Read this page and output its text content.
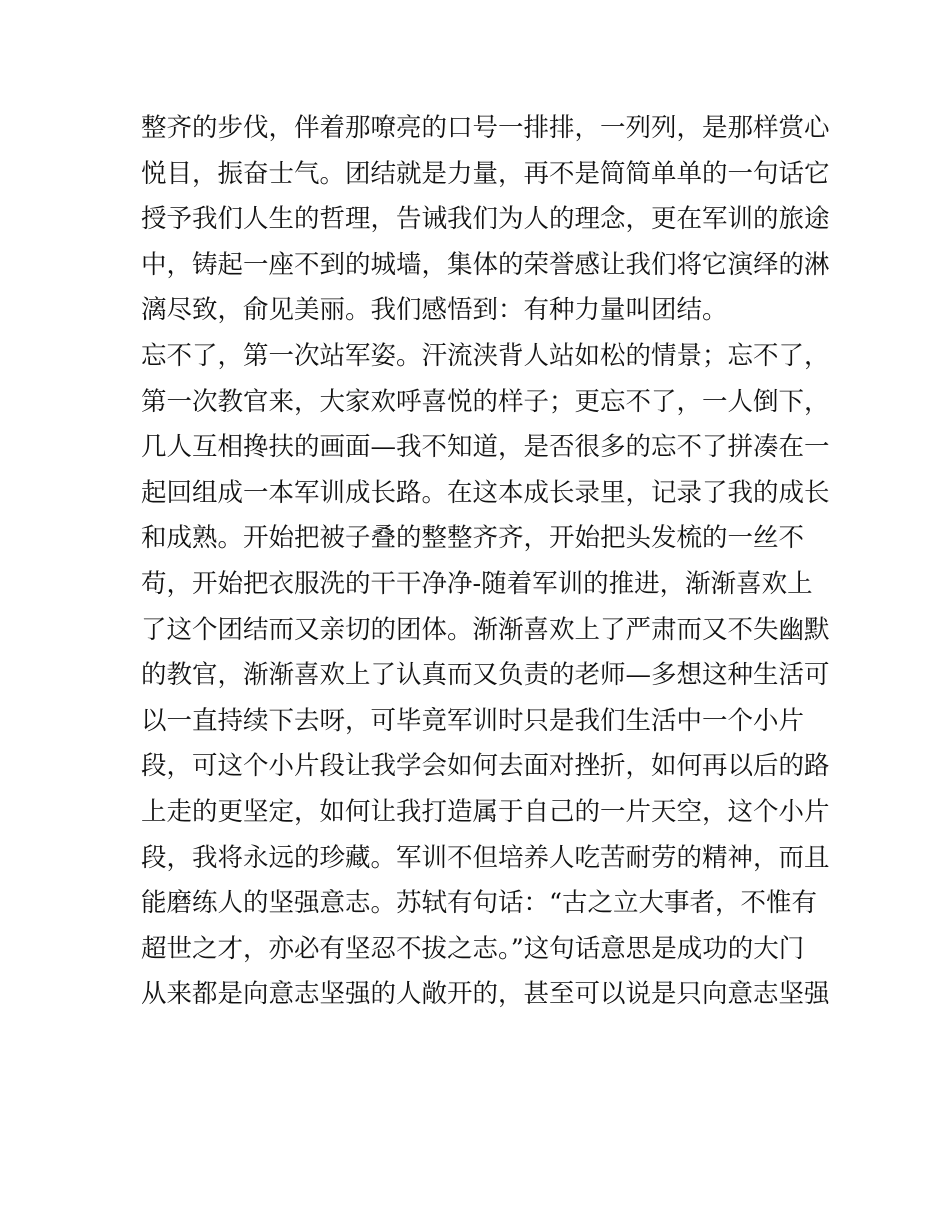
整齐的步伐，伴着那嘹亮的口号一排排，一列列，是那样赏心
悦目，振奋士气。团结就是力量，再不是简简单单的一句话它
授予我们人生的哲理，告诫我们为人的理念，更在军训的旅途
中，铸起一座不到的城墙，集体的荣誉感让我们将它演绎的淋
漓尽致，俞见美丽。我们感悟到：有种力量叫团结。
忘不了，第一次站军姿。汗流浃背人站如松的情景；忘不了，
第一次教官来，大家欢呼喜悦的样子；更忘不了，一人倒下，
几人互相搀扶的画面—我不知道，是否很多的忘不了拼凑在一
起回组成一本军训成长路。在这本成长录里，记录了我的成长
和成熟。开始把被子叠的整整齐齐，开始把头发梳的一丝不
苟，开始把衣服洗的干干净净-随着军训的推进，渐渐喜欢上
了这个团结而又亲切的团体。渐渐喜欢上了严肃而又不失幽默
的教官，渐渐喜欢上了认真而又负责的老师—多想这种生活可
以一直持续下去呀，可毕竟军训时只是我们生活中一个小片
段，可这个小片段让我学会如何去面对挫折，如何再以后的路
上走的更坚定，如何让我打造属于自己的一片天空，这个小片
段，我将永远的珍藏。军训不但培养人吃苦耐劳的精神，而且
能磨练人的坚强意志。苏轼有句话：“古之立大事者，不惟有
超世之才，亦必有坚忍不拔之志。”这句话意思是成功的大门
从来都是向意志坚强的人敞开的，甚至可以说是只向意志坚强
